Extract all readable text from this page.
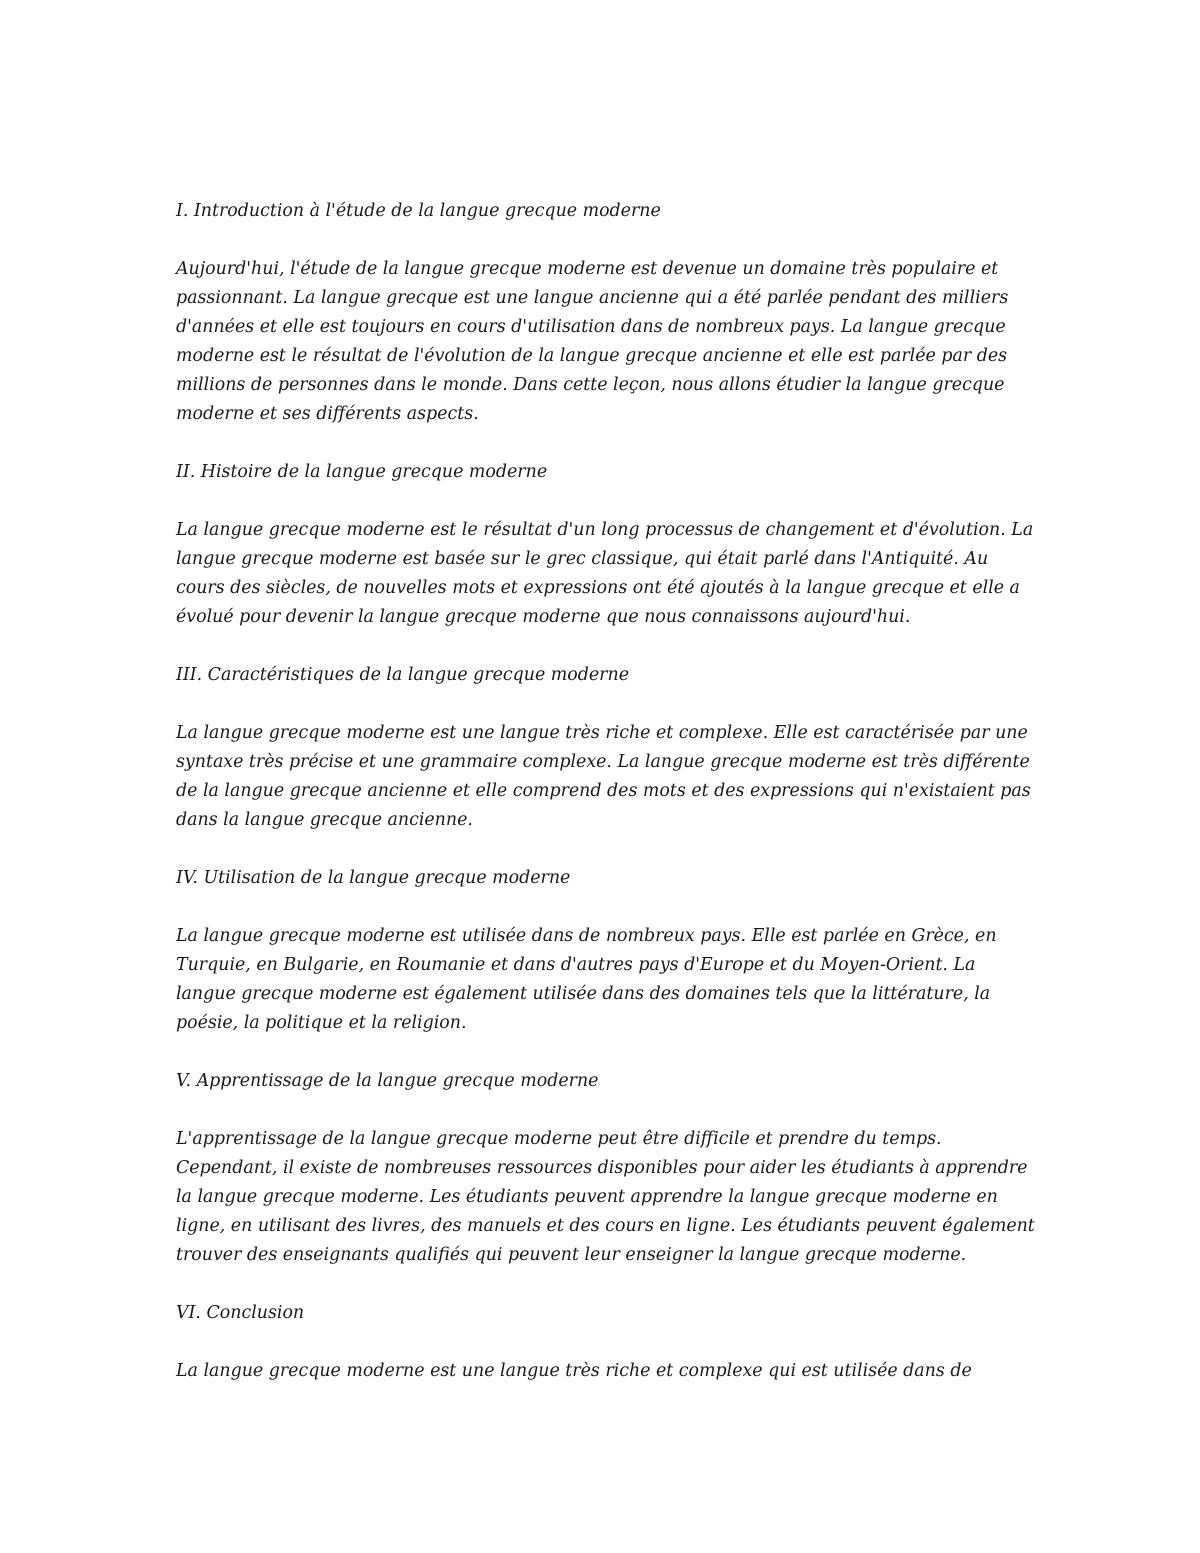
I. Introduction à l'étude de la langue grecque moderne

Aujourd'hui, l'étude de la langue grecque moderne est devenue un domaine très populaire et passionnant. La langue grecque est une langue ancienne qui a été parlée pendant des milliers d'années et elle est toujours en cours d'utilisation dans de nombreux pays. La langue grecque moderne est le résultat de l'évolution de la langue grecque ancienne et elle est parlée par des millions de personnes dans le monde. Dans cette leçon, nous allons étudier la langue grecque moderne et ses différents aspects.

II. Histoire de la langue grecque moderne

La langue grecque moderne est le résultat d'un long processus de changement et d'évolution. La langue grecque moderne est basée sur le grec classique, qui était parlé dans l'Antiquité. Au cours des siècles, de nouvelles mots et expressions ont été ajoutés à la langue grecque et elle a évolué pour devenir la langue grecque moderne que nous connaissons aujourd'hui.

III. Caractéristiques de la langue grecque moderne

La langue grecque moderne est une langue très riche et complexe. Elle est caractérisée par une syntaxe très précise et une grammaire complexe. La langue grecque moderne est très différente de la langue grecque ancienne et elle comprend des mots et des expressions qui n'existaient pas dans la langue grecque ancienne.

IV. Utilisation de la langue grecque moderne

La langue grecque moderne est utilisée dans de nombreux pays. Elle est parlée en Grèce, en Turquie, en Bulgarie, en Roumanie et dans d'autres pays d'Europe et du Moyen-Orient. La langue grecque moderne est également utilisée dans des domaines tels que la littérature, la poésie, la politique et la religion.

V. Apprentissage de la langue grecque moderne

L'apprentissage de la langue grecque moderne peut être difficile et prendre du temps. Cependant, il existe de nombreuses ressources disponibles pour aider les étudiants à apprendre la langue grecque moderne. Les étudiants peuvent apprendre la langue grecque moderne en ligne, en utilisant des livres, des manuels et des cours en ligne. Les étudiants peuvent également trouver des enseignants qualifiés qui peuvent leur enseigner la langue grecque moderne.

VI. Conclusion

La langue grecque moderne est une langue très riche et complexe qui est utilisée dans de
